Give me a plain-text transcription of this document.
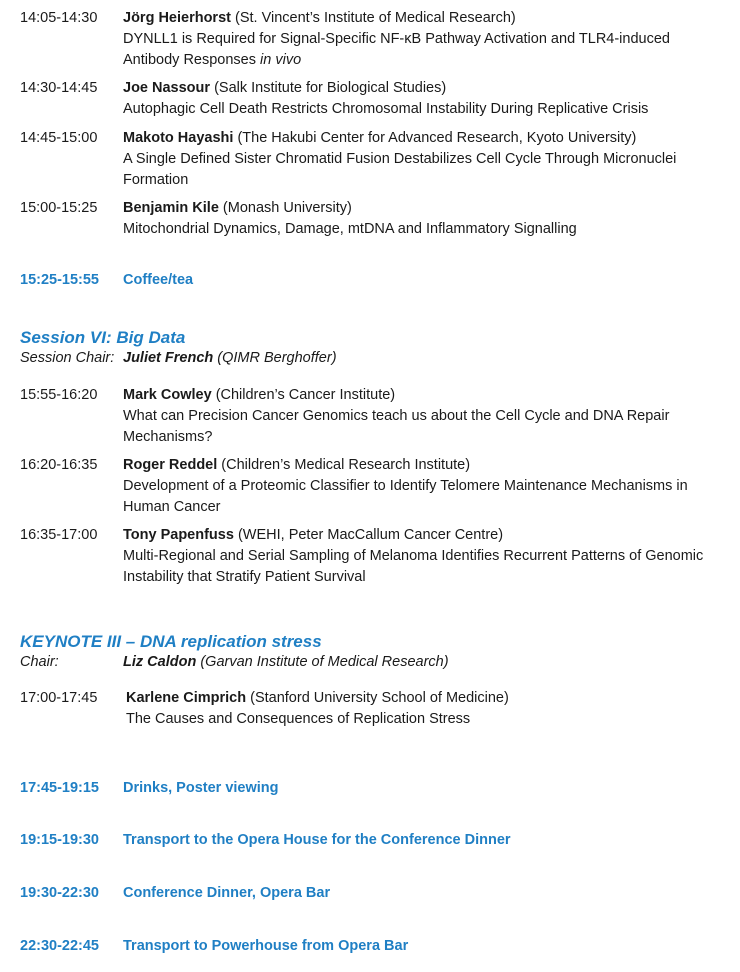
14:05-14:30	Jörg Heierhorst (St. Vincent’s Institute of Medical Research)
DYNLL1 is Required for Signal-Specific NF-κB Pathway Activation and TLR4-induced
Antibody Responses in vivo
14:30-14:45	Joe Nassour (Salk Institute for Biological Studies)
Autophagic Cell Death Restricts Chromosomal Instability During Replicative Crisis
14:45-15:00	Makoto Hayashi (The Hakubi Center for Advanced Research, Kyoto University)
A Single Defined Sister Chromatid Fusion Destabilizes Cell Cycle Through Micronuclei
Formation
15:00-15:25	Benjamin Kile (Monash University)
Mitochondrial Dynamics, Damage, mtDNA and Inflammatory Signalling
15:25-15:55	Coffee/tea
Session VI: Big Data
Session Chair: Juliet French (QIMR Berghoffer)
15:55-16:20	Mark Cowley (Children’s Cancer Institute)
What can Precision Cancer Genomics teach us about the Cell Cycle and DNA Repair
Mechanisms?
16:20-16:35	Roger Reddel (Children’s Medical Research Institute)
Development of a Proteomic Classifier to Identify Telomere Maintenance Mechanisms in
Human Cancer
16:35-17:00	Tony Papenfuss (WEHI, Peter MacCallum Cancer Centre)
Multi-Regional and Serial Sampling of Melanoma Identifies Recurrent Patterns of Genomic
Instability that Stratify Patient Survival
KEYNOTE III – DNA replication stress
Chair:	Liz Caldon (Garvan Institute of Medical Research)
17:00-17:45	Karlene Cimprich (Stanford University School of Medicine)
The Causes and Consequences of Replication Stress
17:45-19:15	Drinks, Poster viewing
19:15-19:30	Transport to the Opera House for the Conference Dinner
19:30-22:30	Conference Dinner, Opera Bar
22:30-22:45	Transport to Powerhouse from Opera Bar
